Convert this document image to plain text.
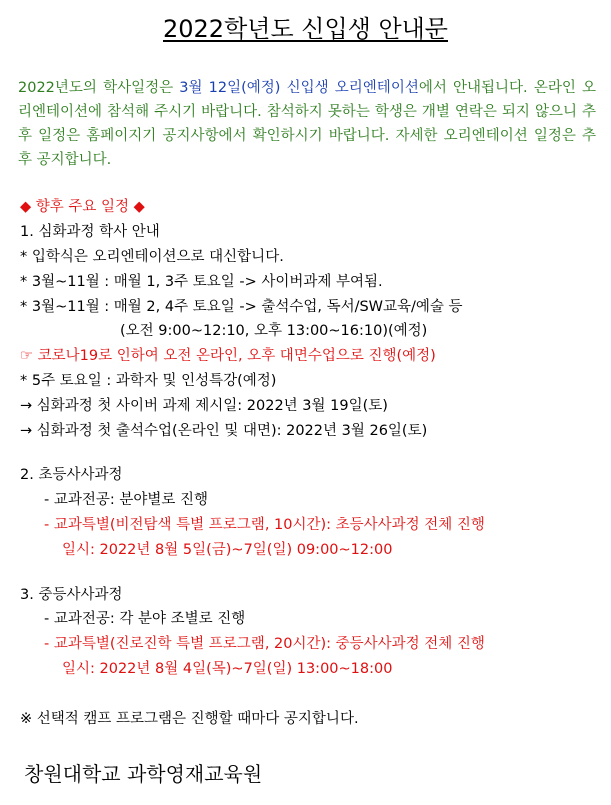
2022학년도 신입생 안내문
2022년도의 학사일정은 3월 12일(예정) 신입생 오리엔테이션에서 안내됩니다. 온라인 오리엔테이션에 참석해 주시기 바랍니다. 참석하지 못하는 학생은 개별 연락은 되지 않으니 추후 일정은 홈페이지기 공지사항에서 확인하시기 바랍니다. 자세한 오리엔테이션 일정은 추후 공지합니다.
◆ 향후 주요 일정 ◆
1. 심화과정 학사 안내
* 입학식은 오리엔테이션으로 대신합니다.
* 3월~11월 : 매월 1, 3주 토요일 -> 사이버과제 부여됨.
* 3월~11월 : 매월 2, 4주 토요일 -> 출석수업, 독서/SW교육/예술 등
(오전 9:00~12:10, 오후 13:00~16:10)(예정)
☞ 코로나19로 인하여 오전 온라인, 오후 대면수업으로 진행(예정)
* 5주 토요일 : 과학자 및 인성특강(예정)
→ 심화과정 첫 사이버 과제 제시일: 2022년 3월 19일(토)
→ 심화과정 첫 출석수업(온라인 및 대면): 2022년 3월 26일(토)
2. 초등사사과정
- 교과전공: 분야별로 진행
- 교과특별(비전탐색 특별 프로그램, 10시간): 초등사사과정 전체 진행
일시: 2022년 8월 5일(금)~7일(일) 09:00~12:00
3. 중등사사과정
- 교과전공: 각 분야 조별로 진행
- 교과특별(진로진학 특별 프로그램, 20시간): 중등사사과정 전체 진행
일시: 2022년 8월 4일(목)~7일(일) 13:00~18:00
※ 선택적 캠프 프로그램은 진행할 때마다 공지합니다.
창원대학교 과학영재교육원
